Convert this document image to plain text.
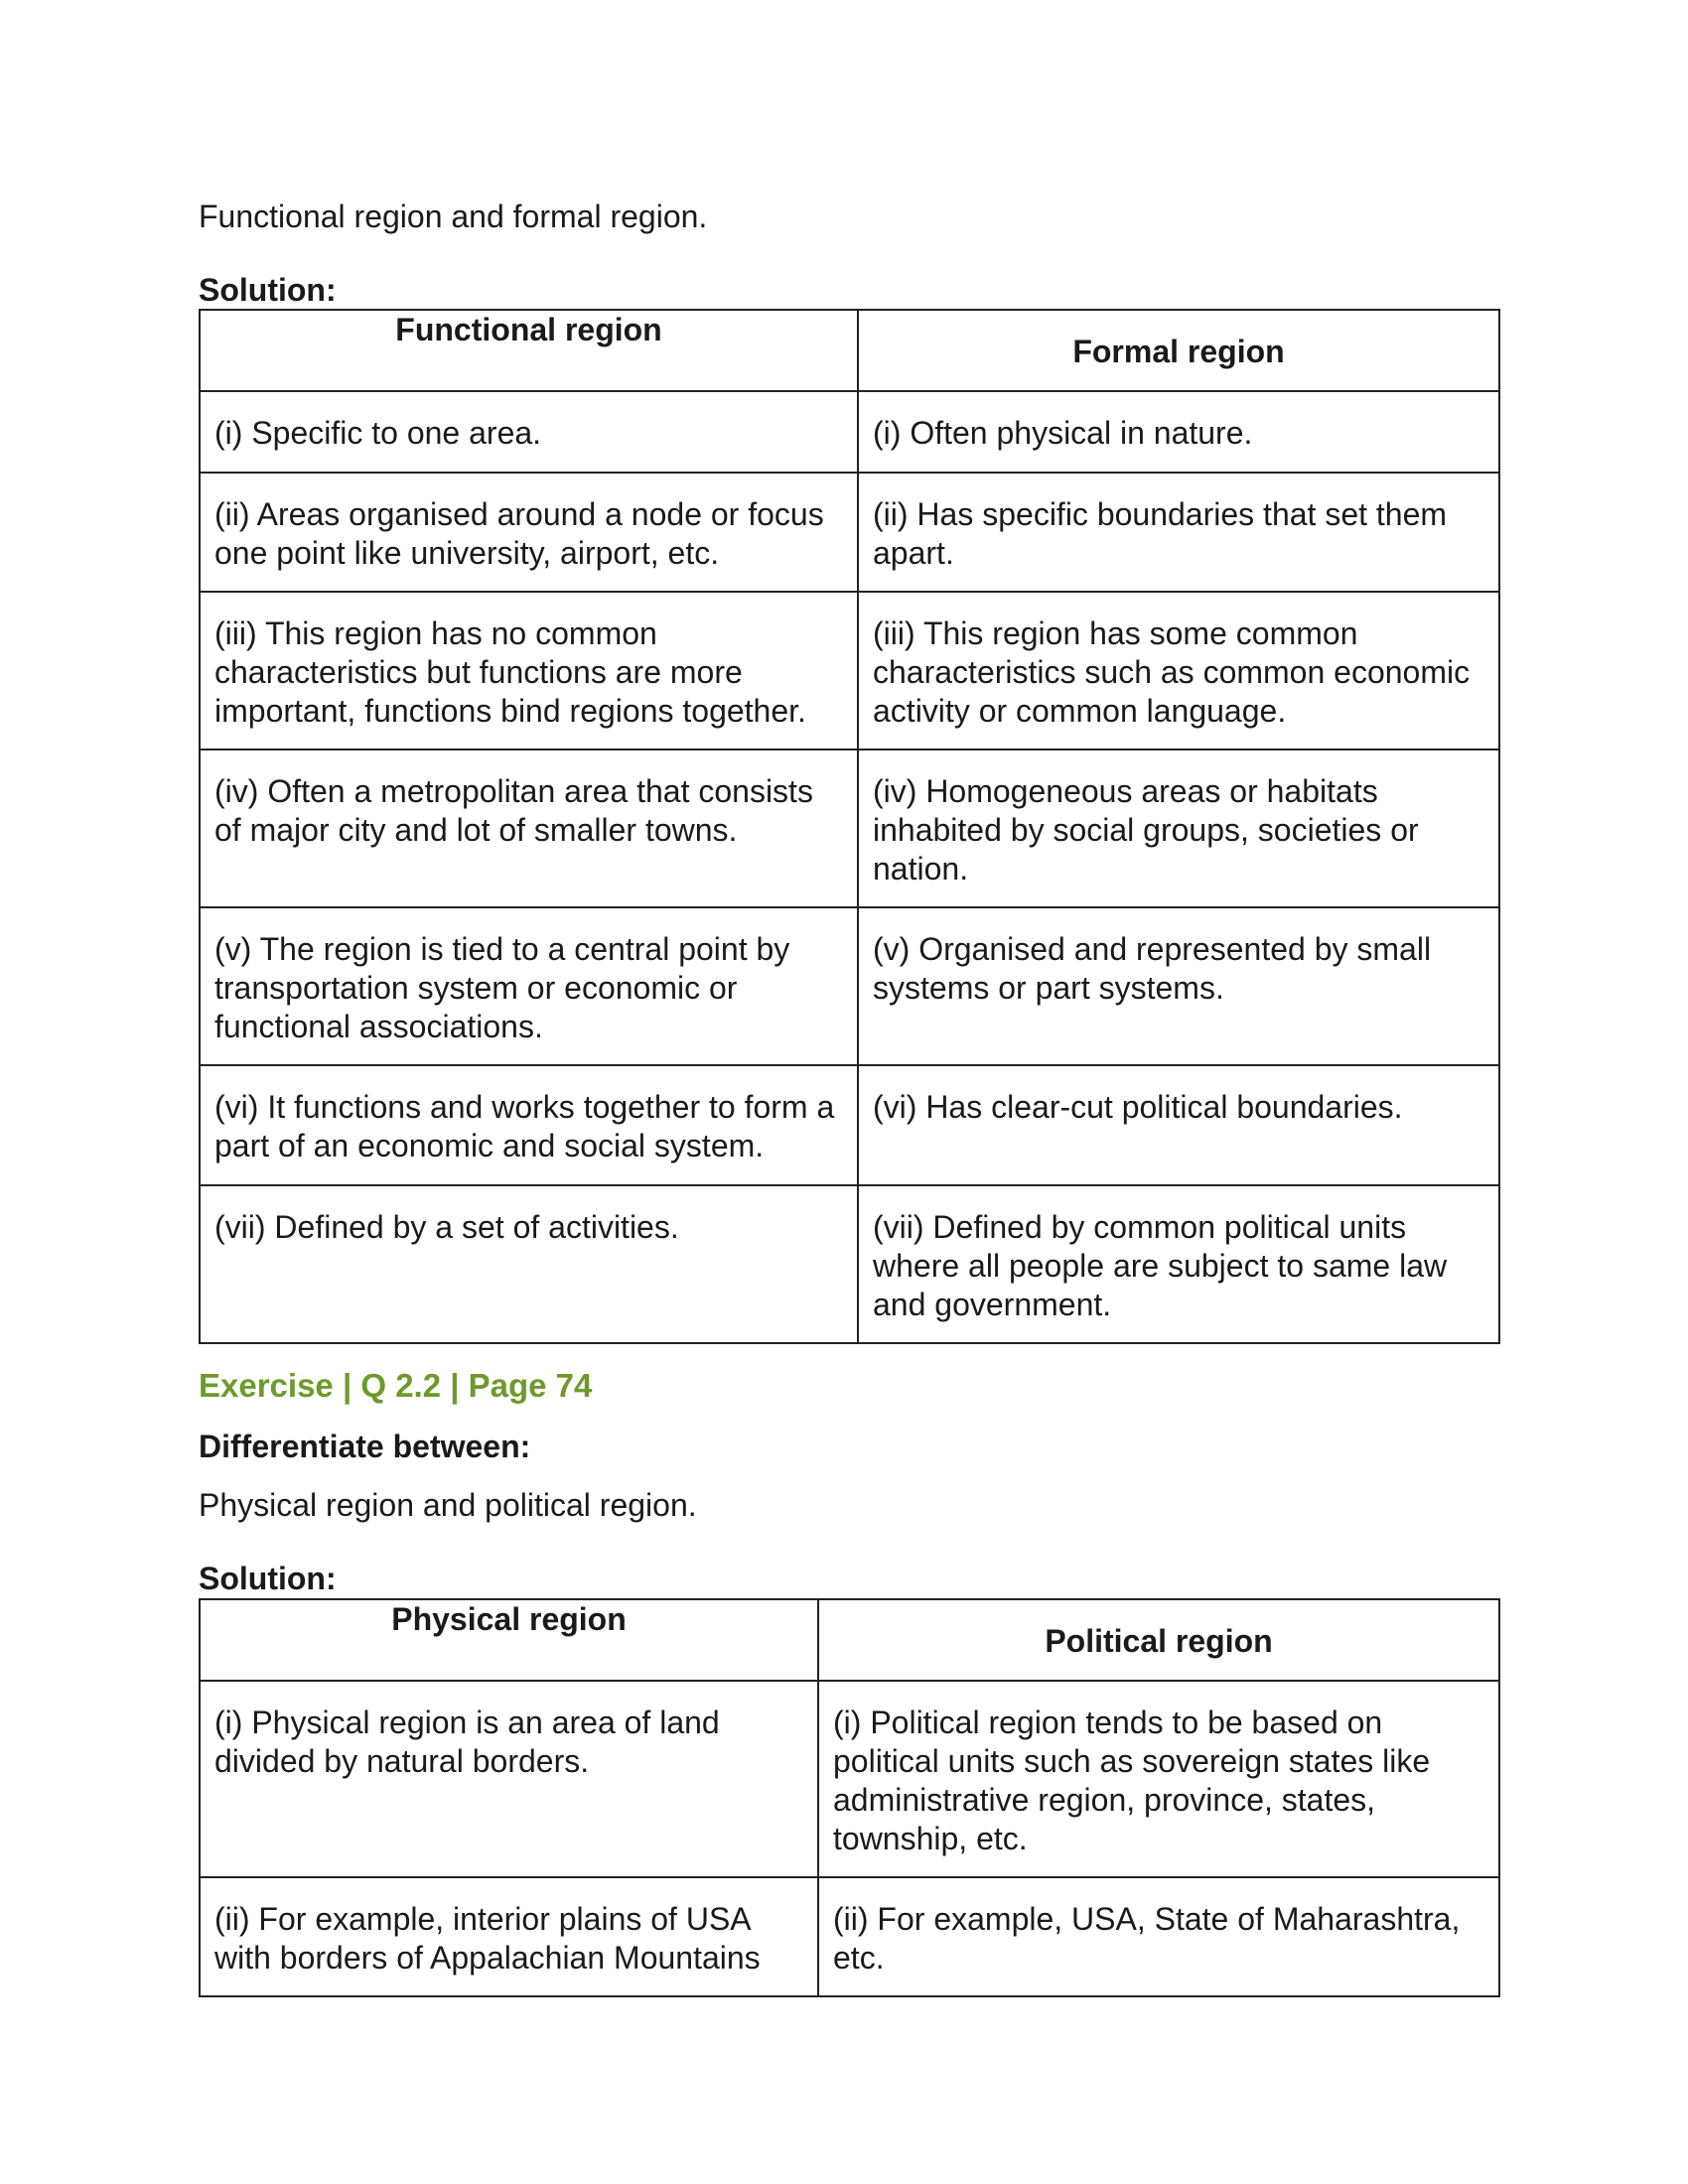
Functional region and formal region.
Solution:
Functional region	Formal region

(i) Specific to one area.	(i) Often physical in nature.
(ii) Areas organised around a node or focus one point like university, airport, etc.	(ii) Has specific boundaries that set them apart.
(iii) This region has no common characteristics but functions are more important, functions bind regions together.	(iii) This region has some common characteristics such as common economic activity or common language.
(iv) Often a metropolitan area that consists of major city and lot of smaller towns.	(iv) Homogeneous areas or habitats inhabited by social groups, societies or nation.
(v) The region is tied to a central point by transportation system or economic or functional associations.	(v) Organised and represented by small systems or part systems.
(vi) It functions and works together to form a part of an economic and social system.	(vi) Has clear-cut political boundaries.
(vii) Defined by a set of activities.	(vii) Defined by common political units where all people are subject to same law and government.
Exercise | Q 2.2 | Page 74
Differentiate between:
Physical region and political region.
Solution:
Physical region	Political region

(i) Physical region is an area of land divided by natural borders.	(i) Political region tends to be based on political units such as sovereign states like administrative region, province, states, township, etc.
(ii) For example, interior plains of USA with borders of Appalachian Mountains	(ii) For example, USA, State of Maharashtra, etc.
